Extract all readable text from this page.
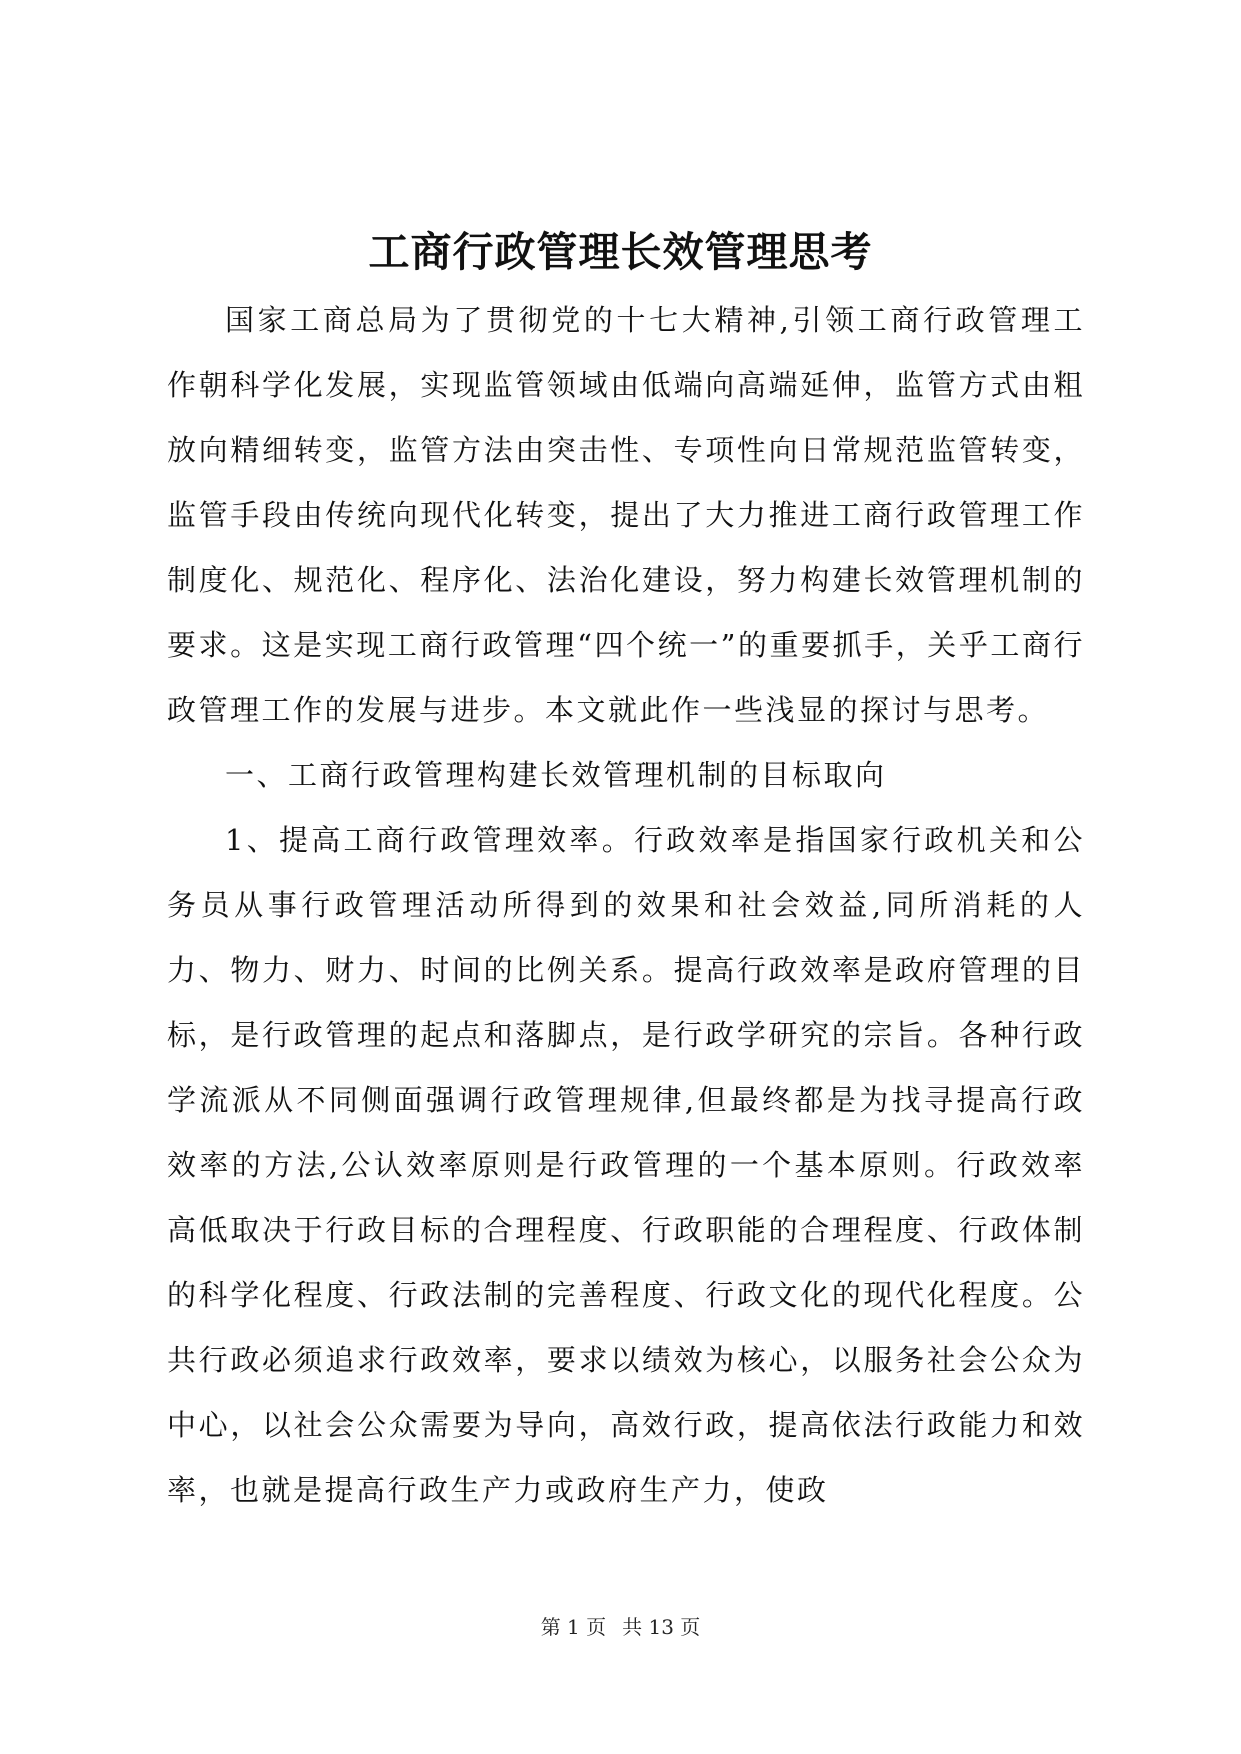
工商行政管理长效管理思考

国家工商总局为了贯彻党的十七大精神,引领工商行政管理工作朝科学化发展，实现监管领域由低端向高端延伸，监管方式由粗放向精细转变，监管方法由突击性、专项性向日常规范监管转变，监管手段由传统向现代化转变，提出了大力推进工商行政管理工作制度化、规范化、程序化、法治化建设，努力构建长效管理机制的要求。这是实现工商行政管理“四个统一”的重要抓手，关乎工商行政管理工作的发展与进步。本文就此作一些浅显的探讨与思考。

一、工商行政管理构建长效管理机制的目标取向

1、提高工商行政管理效率。行政效率是指国家行政机关和公务员从事行政管理活动所得到的效果和社会效益,同所消耗的人力、物力、财力、时间的比例关系。提高行政效率是政府管理的目标，是行政管理的起点和落脚点，是行政学研究的宗旨。各种行政学流派从不同侧面强调行政管理规律,但最终都是为找寻提高行政效率的方法,公认效率原则是行政管理的一个基本原则。行政效率高低取决于行政目标的合理程度、行政职能的合理程度、行政体制的科学化程度、行政法制的完善程度、行政文化的现代化程度。公共行政必须追求行政效率，要求以绩效为核心，以服务社会公众为中心，以社会公众需要为导向，高效行政，提高依法行政能力和效率，也就是提高行政生产力或政府生产力，使政

第 1 页 共 13 页
